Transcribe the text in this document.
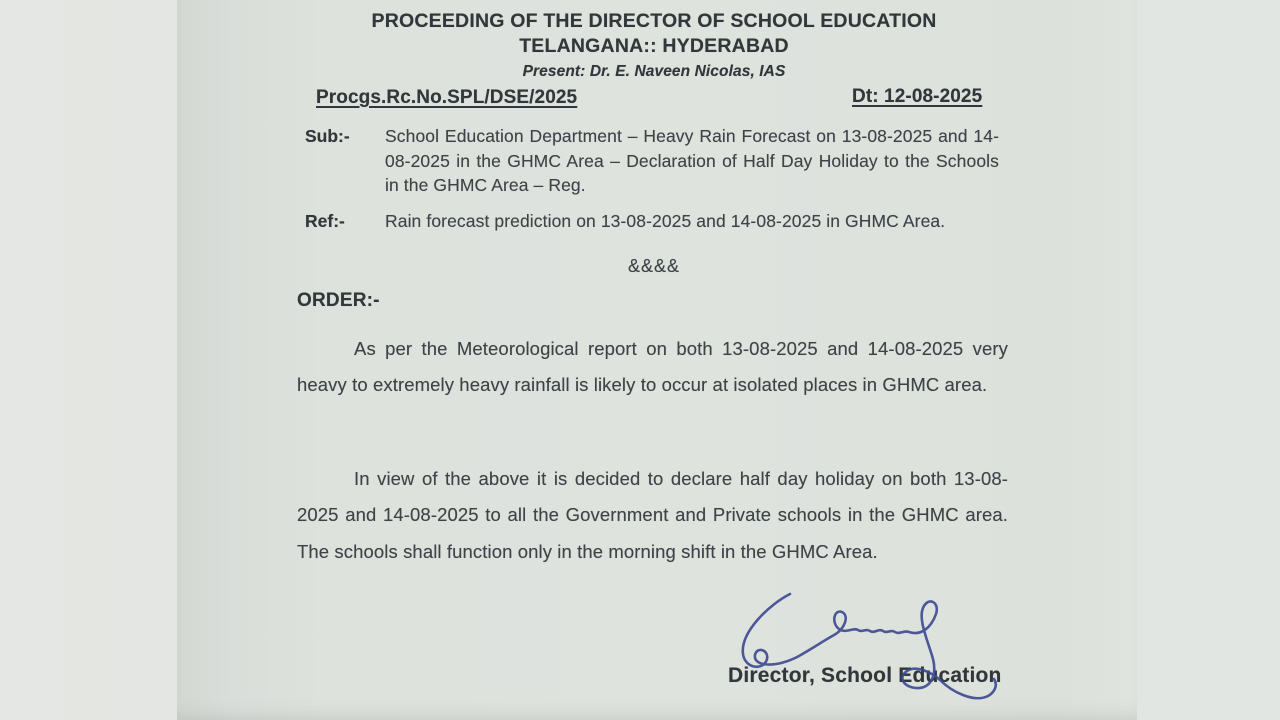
PROCEEDING OF THE DIRECTOR OF SCHOOL EDUCATION
TELANGANA:: HYDERABAD
Present: Dr. E. Naveen Nicolas, IAS
Procgs.Rc.No.SPL/DSE/2025	Dt: 12-08-2025
Sub:-	School Education Department – Heavy Rain Forecast on 13-08-2025 and 14-08-2025 in the GHMC Area – Declaration of Half Day Holiday to the Schools in the GHMC Area – Reg.
Ref:-	Rain forecast prediction on 13-08-2025 and 14-08-2025 in GHMC Area.
&&&&
ORDER:-
As per the Meteorological report on both 13-08-2025 and 14-08-2025 very heavy to extremely heavy rainfall is likely to occur at isolated places in GHMC area.
In view of the above it is decided to declare half day holiday on both 13-08-2025 and 14-08-2025 to all the Government and Private schools in the GHMC area. The schools shall function only in the morning shift in the GHMC Area.
Director, School Education
